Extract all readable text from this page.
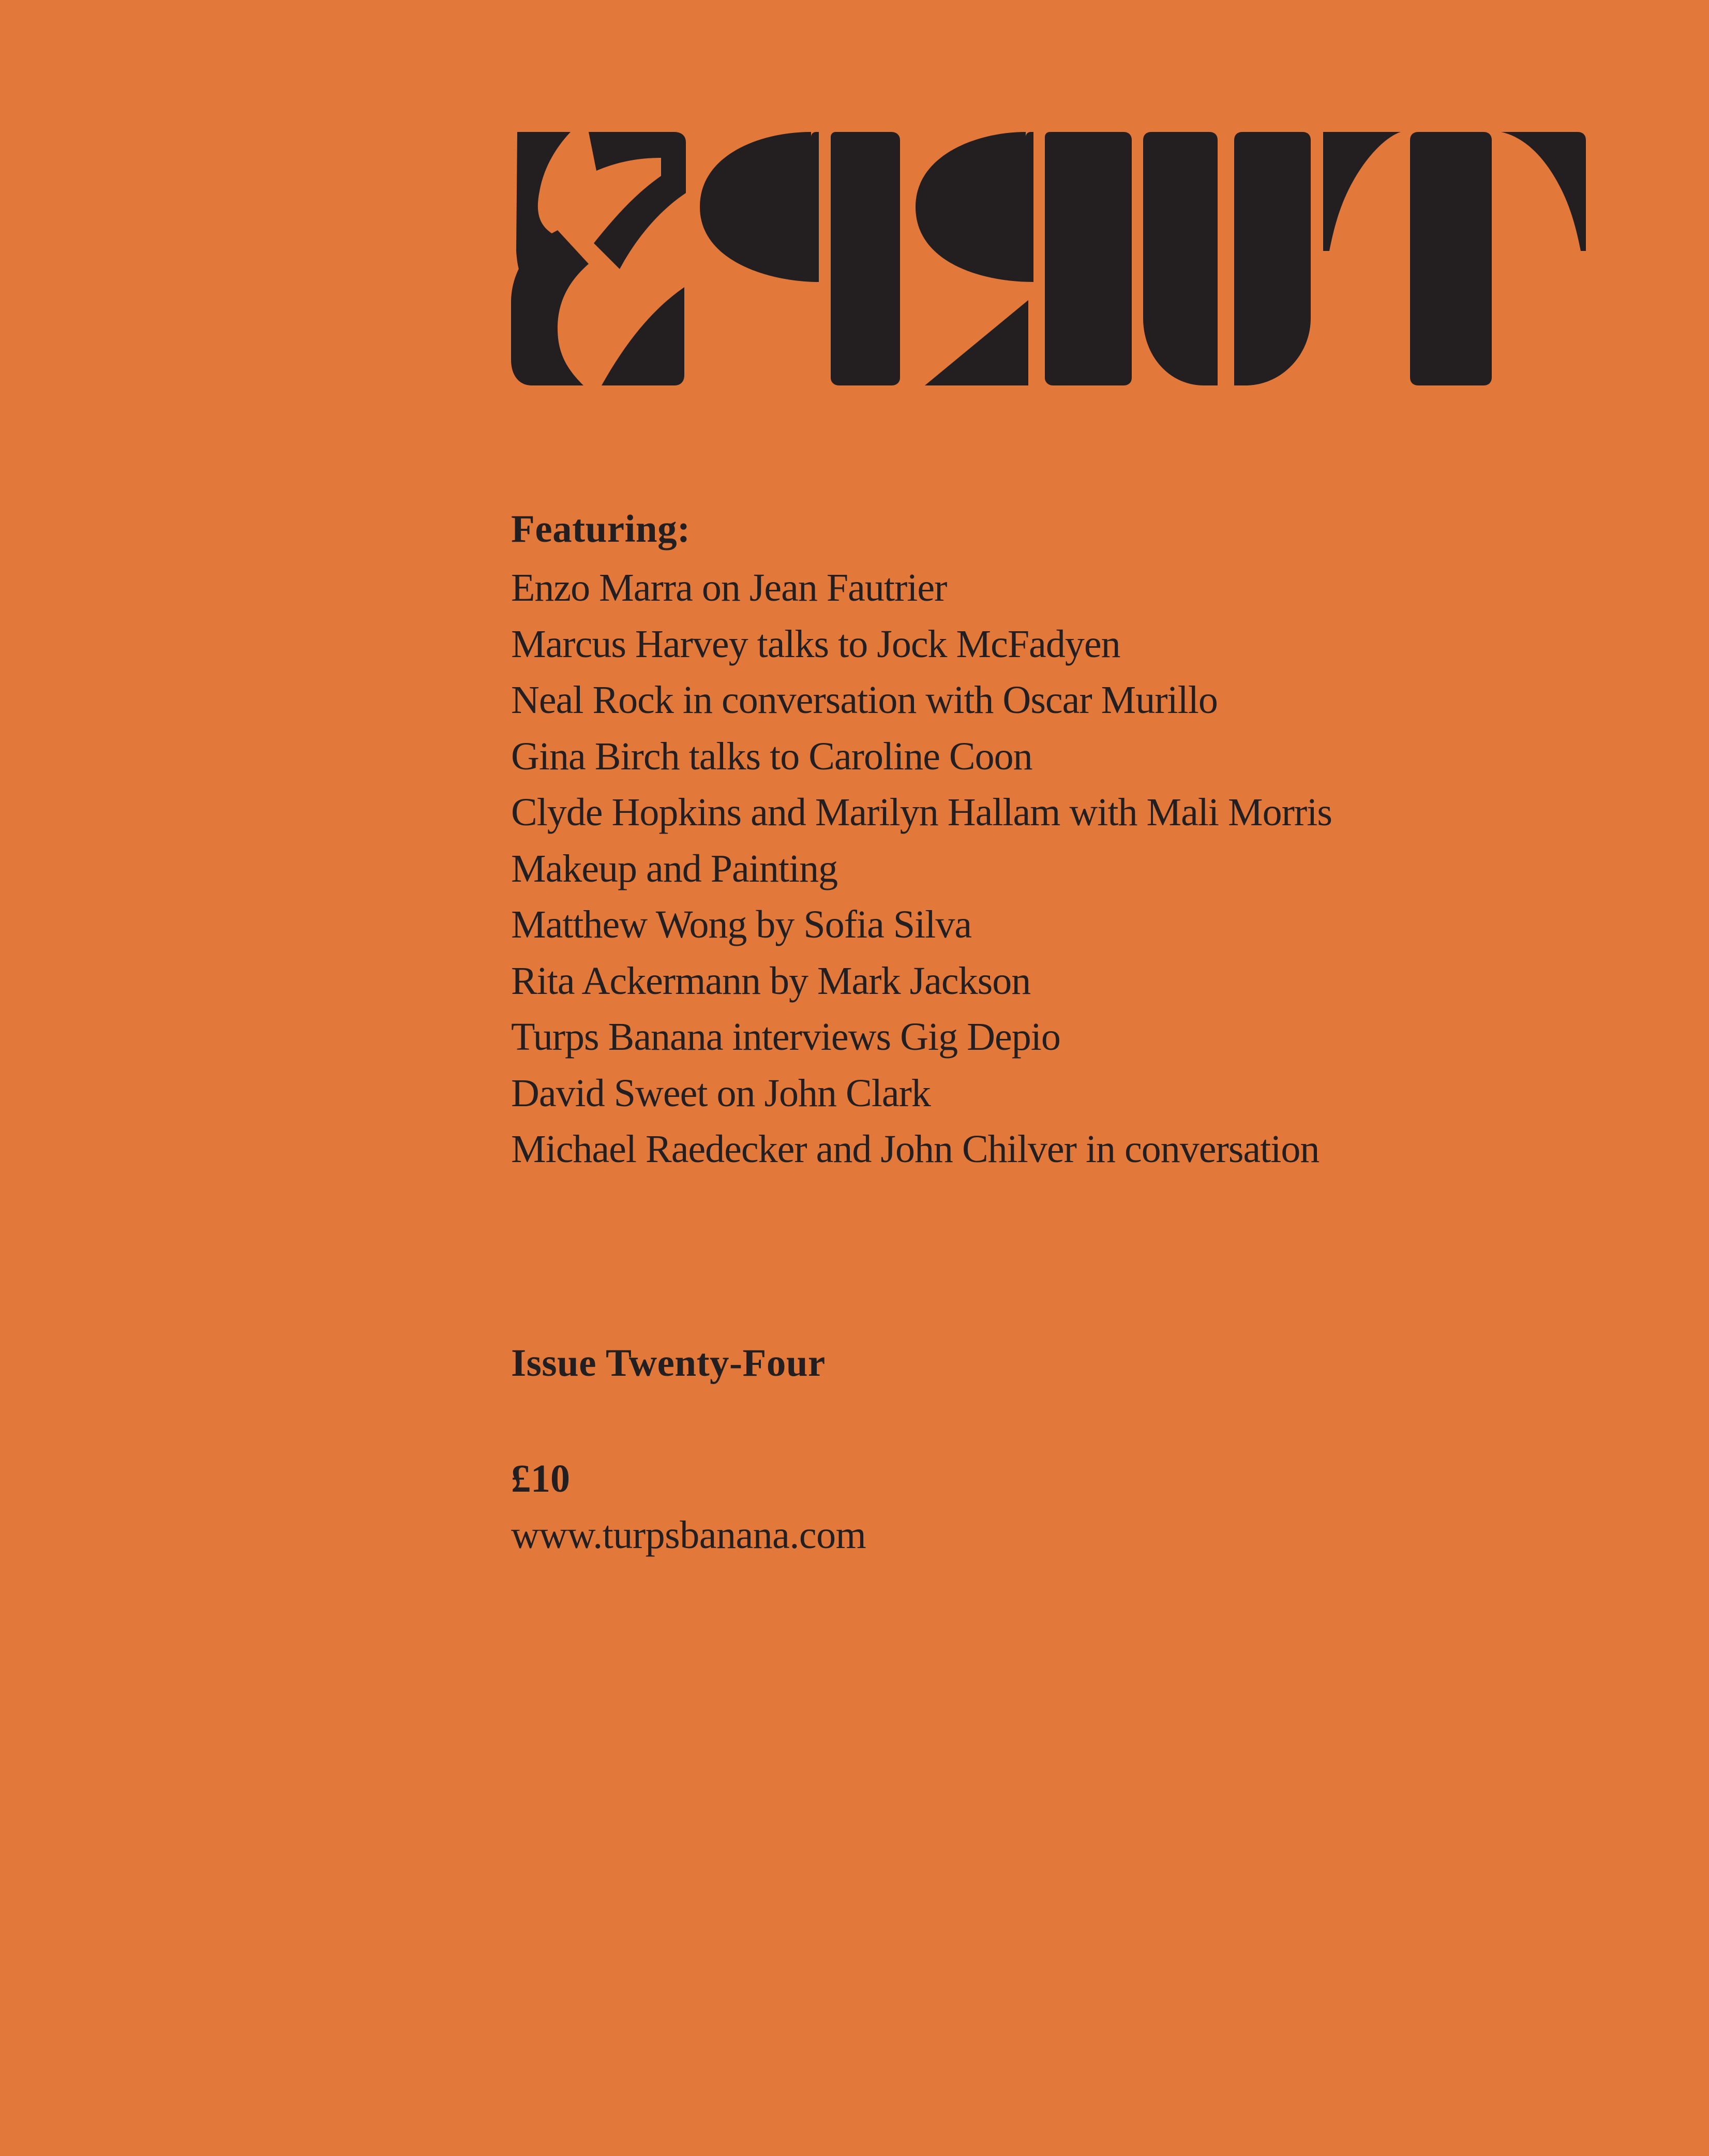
Featuring:

Enzo Marra on Jean Fautrier
Marcus Harvey talks to Jock McFadyen
Neal Rock in conversation with Oscar Murillo
Gina Birch talks to Caroline Coon
Clyde Hopkins and Marilyn Hallam with Mali Morris
Makeup and Painting
Matthew Wong by Sofia Silva
Rita Ackermann by Mark Jackson
Turps Banana interviews Gig Depio
David Sweet on John Clark
Michael Raedecker and John Chilver in conversation

Issue Twenty-Four

£10

www.turpsbanana.com
